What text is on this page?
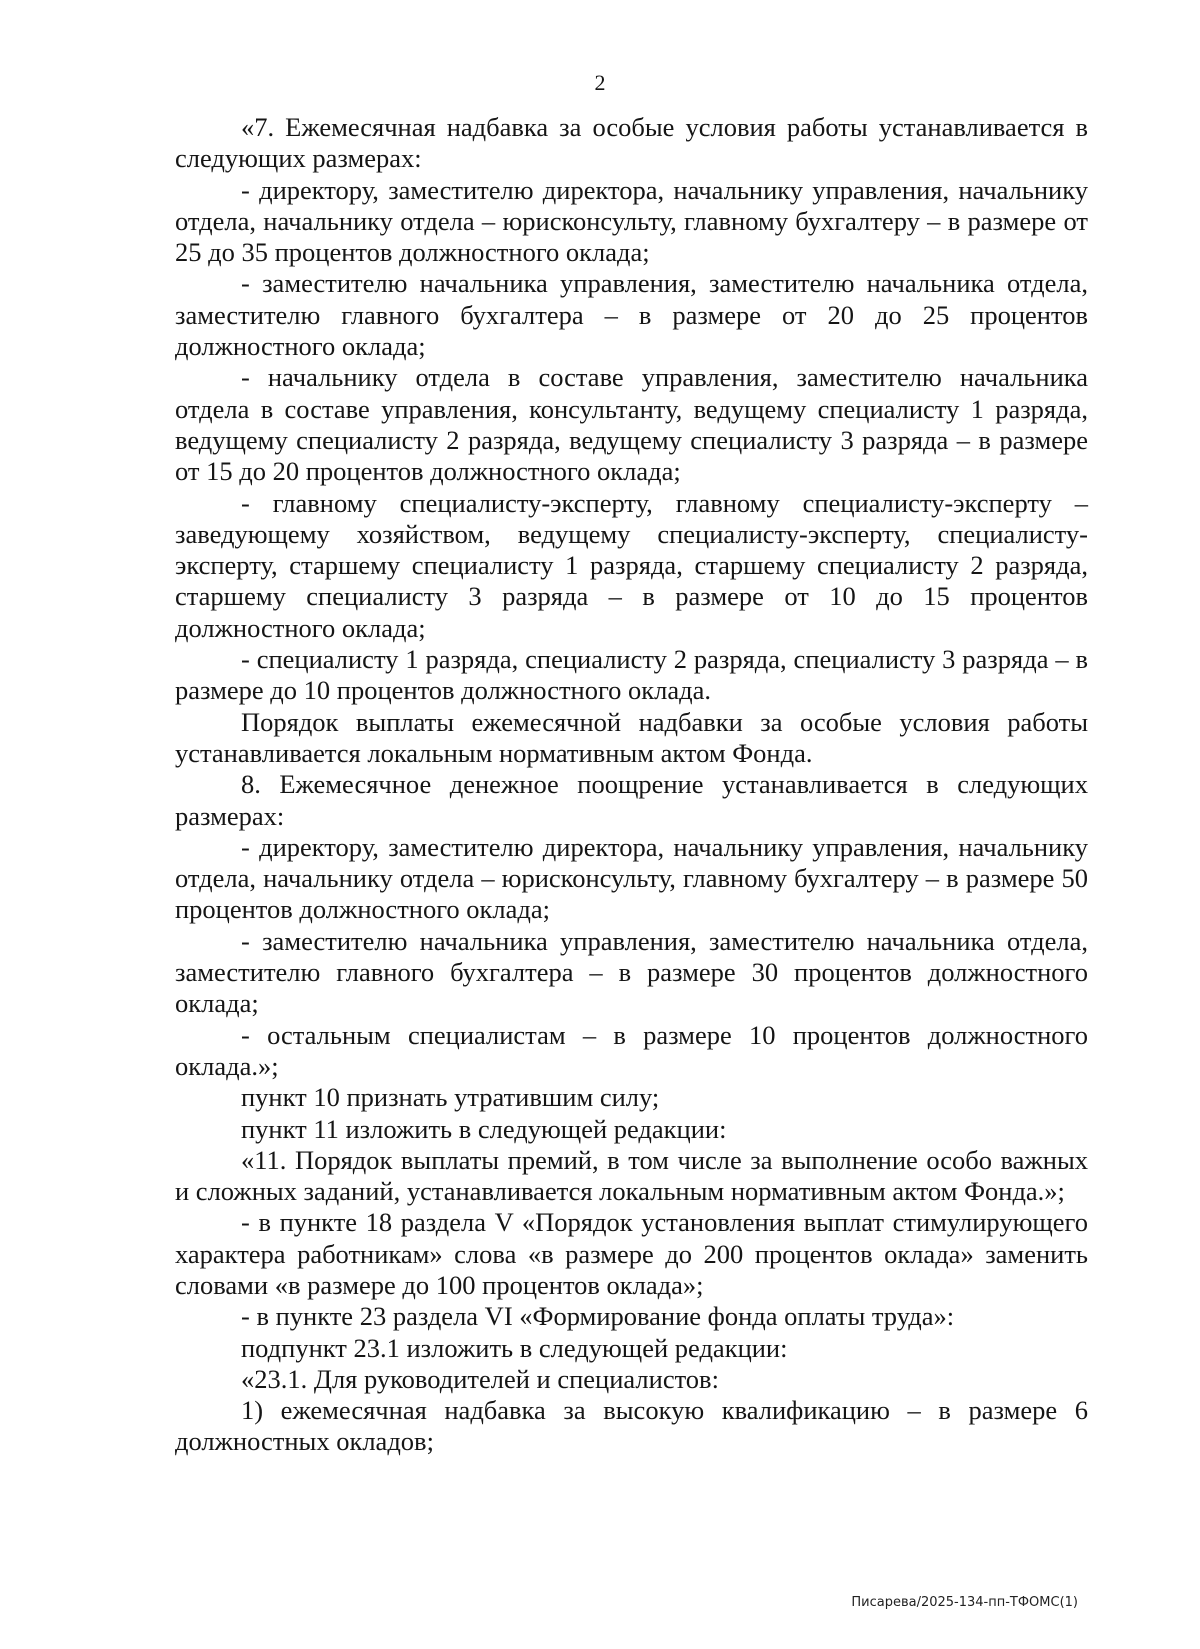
2

«7. Ежемесячная надбавка за особые условия работы устанавливается в следующих размерах:

- директору, заместителю директора, начальнику управления, начальнику отдела, начальнику отдела – юрисконсульту, главному бухгалтеру – в размере от 25 до 35 процентов должностного оклада;

- заместителю начальника управления, заместителю начальника отдела, заместителю главного бухгалтера – в размере от 20 до 25 процентов должностного оклада;

- начальнику отдела в составе управления, заместителю начальника отдела в составе управления, консультанту, ведущему специалисту 1 разряда, ведущему специалисту 2 разряда, ведущему специалисту 3 разряда – в размере от 15 до 20 процентов должностного оклада;

- главному специалисту-эксперту, главному специалисту-эксперту – заведующему хозяйством, ведущему специалисту-эксперту, специалисту-эксперту, старшему специалисту 1 разряда, старшему специалисту 2 разряда, старшему специалисту 3 разряда – в размере от 10 до 15 процентов должностного оклада;

- специалисту 1 разряда, специалисту 2 разряда, специалисту 3 разряда – в размере до 10 процентов должностного оклада.

Порядок выплаты ежемесячной надбавки за особые условия работы устанавливается локальным нормативным актом Фонда.

8. Ежемесячное денежное поощрение устанавливается в следующих размерах:

- директору, заместителю директора, начальнику управления, начальнику отдела, начальнику отдела – юрисконсульту, главному бухгалтеру – в размере 50 процентов должностного оклада;

- заместителю начальника управления, заместителю начальника отдела, заместителю главного бухгалтера – в размере 30 процентов должностного оклада;

- остальным специалистам – в размере 10 процентов должностного оклада.»;

пункт 10 признать утратившим силу;

пункт 11 изложить в следующей редакции:

«11. Порядок выплаты премий, в том числе за выполнение особо важных и сложных заданий, устанавливается локальным нормативным актом Фонда.»;

- в пункте 18 раздела V «Порядок установления выплат стимулирующего характера работникам» слова «в размере до 200 процентов оклада» заменить словами «в размере до 100 процентов оклада»;

- в пункте 23 раздела VI «Формирование фонда оплаты труда»:

подпункт 23.1 изложить в следующей редакции:

«23.1. Для руководителей и специалистов:

1) ежемесячная надбавка за высокую квалификацию – в размере 6 должностных окладов;

Писарева/2025-134-пп-ТФОМС(1)
